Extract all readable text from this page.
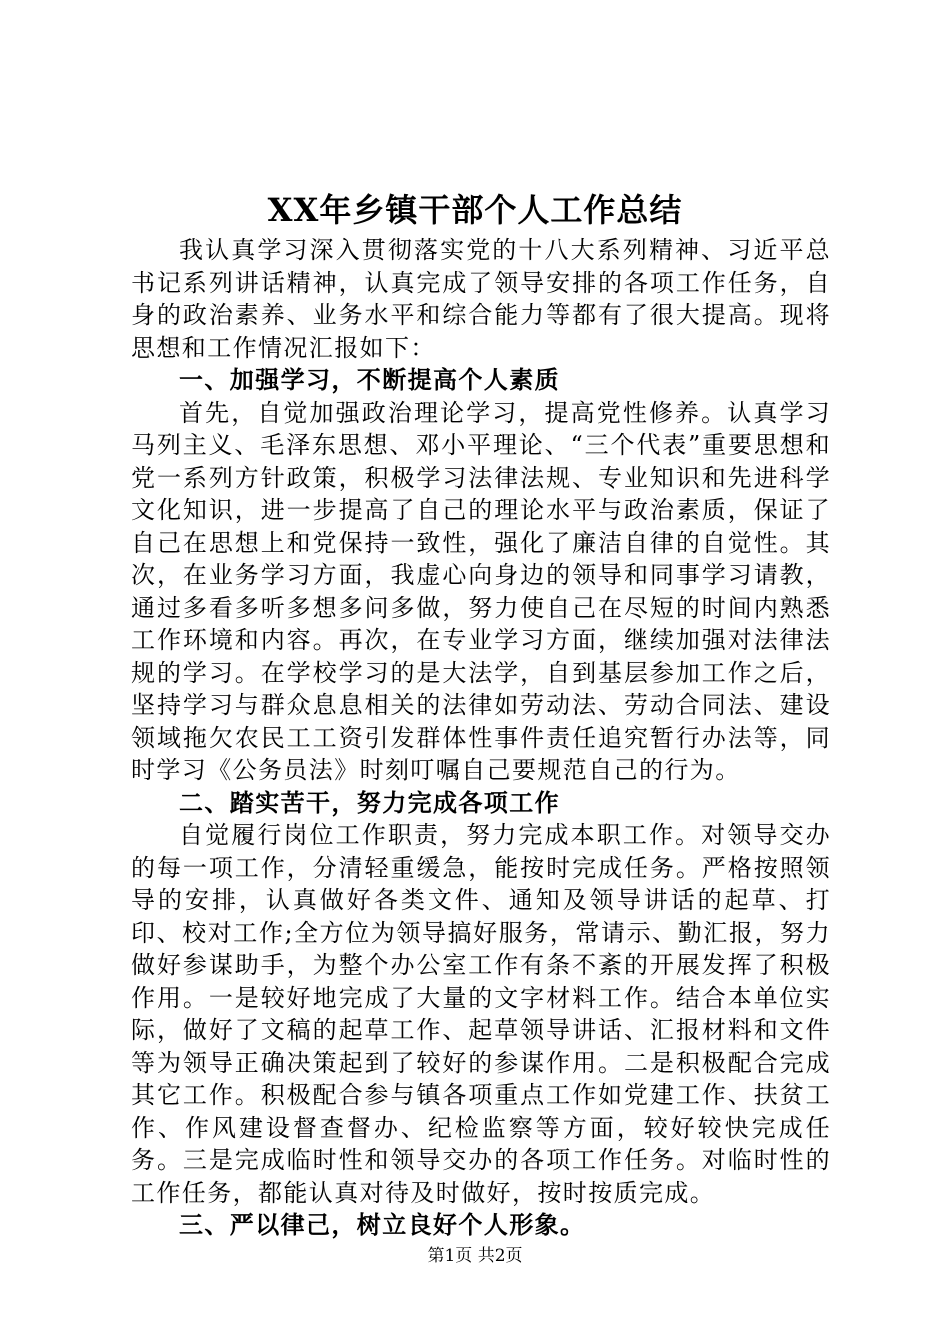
XX年乡镇干部个人工作总结

我认真学习深入贯彻落实党的十八大系列精神、习近平总书记系列讲话精神，认真完成了领导安排的各项工作任务，自身的政治素养、业务水平和综合能力等都有了很大提高。现将思想和工作情况汇报如下：

一、加强学习，不断提高个人素质

首先，自觉加强政治理论学习，提高党性修养。认真学习马列主义、毛泽东思想、邓小平理论、“三个代表”重要思想和党一系列方针政策，积极学习法律法规、专业知识和先进科学文化知识，进一步提高了自己的理论水平与政治素质，保证了自己在思想上和党保持一致性，强化了廉洁自律的自觉性。其次，在业务学习方面，我虚心向身边的领导和同事学习请教，通过多看多听多想多问多做，努力使自己在尽短的时间内熟悉工作环境和内容。再次，在专业学习方面，继续加强对法律法规的学习。在学校学习的是大法学，自到基层参加工作之后，坚持学习与群众息息相关的法律如劳动法、劳动合同法、建设领域拖欠农民工工资引发群体性事件责任追究暂行办法等，同时学习《公务员法》时刻叮嘱自己要规范自己的行为。

二、踏实苦干，努力完成各项工作

自觉履行岗位工作职责，努力完成本职工作。对领导交办的每一项工作，分清轻重缓急，能按时完成任务。严格按照领导的安排，认真做好各类文件、通知及领导讲话的起草、打印、校对工作;全方位为领导搞好服务，常请示、勤汇报，努力做好参谋助手，为整个办公室工作有条不紊的开展发挥了积极作用。一是较好地完成了大量的文字材料工作。结合本单位实际，做好了文稿的起草工作、起草领导讲话、汇报材料和文件等为领导正确决策起到了较好的参谋作用。二是积极配合完成其它工作。积极配合参与镇各项重点工作如党建工作、扶贫工作、作风建设督查督办、纪检监察等方面，较好较快完成任务。三是完成临时性和领导交办的各项工作任务。对临时性的工作任务，都能认真对待及时做好，按时按质完成。

三、严以律己，树立良好个人形象。

第1页 共2页
